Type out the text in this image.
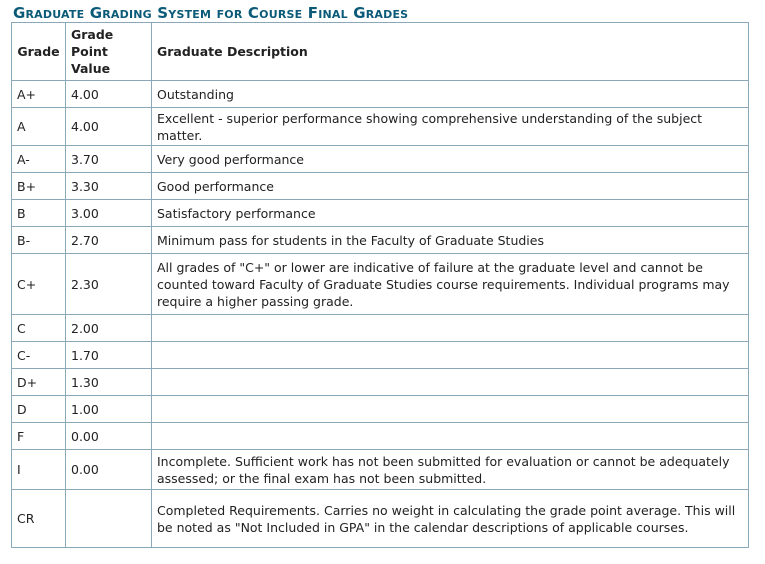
Graduate Grading System for Course Final Grades
Grade	Grade Point Value	Graduate Description
A+	4.00	Outstanding
A	4.00	Excellent - superior performance showing comprehensive understanding of the subject matter.
A-	3.70	Very good performance
B+	3.30	Good performance
B	3.00	Satisfactory performance
B-	2.70	Minimum pass for students in the Faculty of Graduate Studies
C+	2.30	All grades of "C+" or lower are indicative of failure at the graduate level and cannot be counted toward Faculty of Graduate Studies course requirements. Individual programs may require a higher passing grade.
C	2.00	
C-	1.70	
D+	1.30	
D	1.00	
F	0.00	
I	0.00	Incomplete. Sufficient work has not been submitted for evaluation or cannot be adequately assessed; or the final exam has not been submitted.
CR		Completed Requirements. Carries no weight in calculating the grade point average. This will be noted as "Not Included in GPA" in the calendar descriptions of applicable courses.
